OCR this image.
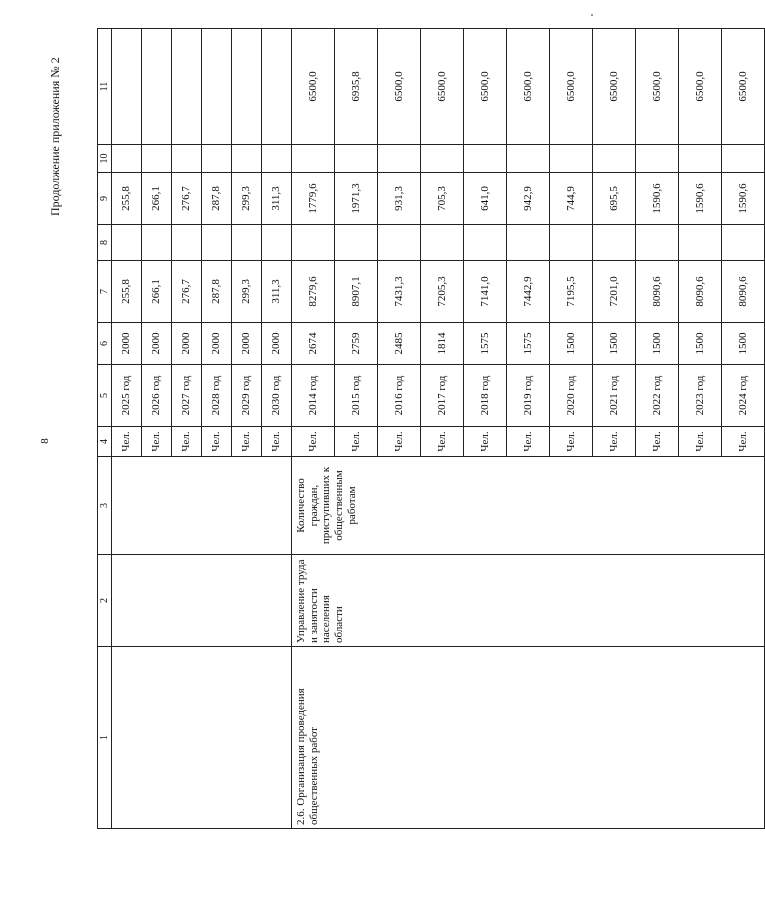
8
Продолжение приложения № 2
1	2	3	4	5	6	7	8	9	10	11
			Чел.	2025 год	2000	255,8		255,8		
			Чел.	2026 год	2000	266,1		266,1		
			Чел.	2027 год	2000	276,7		276,7		
			Чел.	2028 год	2000	287,8		287,8		
			Чел.	2029 год	2000	299,3		299,3		
			Чел.	2030 год	2000	311,3		311,3		
2.6. Организация проведения общественных работ	Управление труда и занятости населения области	Количество граждан, приступивших к общественным работам	Чел.	2014 год	2674	8279,6		1779,6		6500,0
			Чел.	2015 год	2759	8907,1		1971,3		6935,8
			Чел.	2016 год	2485	7431,3		931,3		6500,0
			Чел.	2017 год	1814	7205,3		705,3		6500,0
			Чел.	2018 год	1575	7141,0		641,0		6500,0
			Чел.	2019 год	1575	7442,9		942,9		6500,0
			Чел.	2020 год	1500	7195,5		744,9		6500,0
			Чел.	2021 год	1500	7201,0		695,5		6500,0
			Чел.	2022 год	1500	8090,6		1590,6		6500,0
			Чел.	2023 год	1500	8090,6		1590,6		6500,0
			Чел.	2024 год	1500	8090,6		1590,6		6500,0
